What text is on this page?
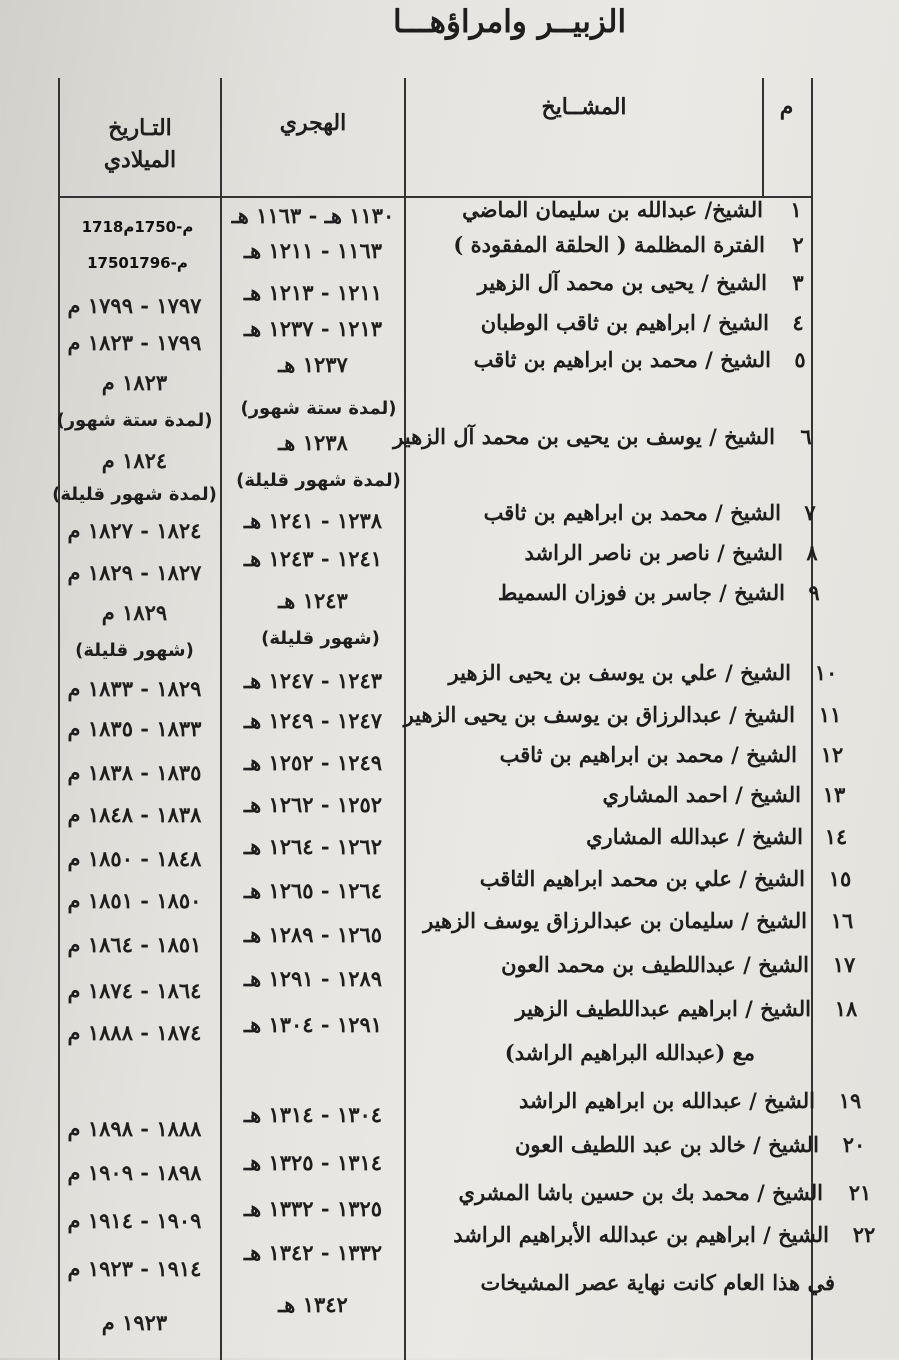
الزبيــر وامراؤهـــا
م
المشــايخ
الهجري
التـاريخ
الميلادي
1718م-1750م
1750م-1796
١
الشيخ/ عبدالله بن سليمان الماضي
١١٣٠ هـ - ١١٦٣ هـ
٢
الفترة المظلمة ( الحلقة المفقودة )
١١٦٣ - ١٢١١ هـ
٣
الشيخ / يحيى بن محمد آل الزهير
١٢١١ - ١٢١٣ هـ
١٧٩٧ - ١٧٩٩ م
٤
الشيخ / ابراهيم بن ثاقب الوطبان
١٢١٣ - ١٢٣٧ هـ
١٧٩٩ - ١٨٢٣ م
٥
الشيخ / محمد بن ابراهيم بن ثاقب
١٢٣٧ هـ
١٨٢٣ م
(لمدة ستة شهور)
(لمدة ستة شهور)
٦
الشيخ / يوسف بن يحيى بن محمد آل الزهير
١٢٣٨ هـ
١٨٢٤ م
(لمدة شهور قليلة)
(لمدة شهور قليلة)
٧
الشيخ / محمد بن ابراهيم بن ثاقب
١٢٣٨ - ١٢٤١ هـ
١٨٢٤ - ١٨٢٧ م
٨
الشيخ / ناصر بن ناصر الراشد
١٢٤١ - ١٢٤٣ هـ
١٨٢٧ - ١٨٢٩ م
٩
الشيخ / جاسر بن فوزان السميط
١٢٤٣ هـ
١٨٢٩ م
(شهور قليلة)
(شهور قليلة)
١٠
الشيخ / علي بن يوسف بن يحيى الزهير
١٢٤٣ - ١٢٤٧ هـ
١٨٢٩ - ١٨٣٣ م
١١
الشيخ / عبدالرزاق بن يوسف بن يحيى الزهير
١٢٤٧ - ١٢٤٩ هـ
١٨٣٣ - ١٨٣٥ م
١٢
الشيخ / محمد بن ابراهيم بن ثاقب
١٢٤٩ - ١٢٥٢ هـ
١٨٣٥ - ١٨٣٨ م
١٣
الشيخ / احمد المشاري
١٢٥٢ - ١٢٦٢ هـ
١٨٣٨ - ١٨٤٨ م
١٤
الشيخ / عبدالله المشاري
١٢٦٢ - ١٢٦٤ هـ
١٨٤٨ - ١٨٥٠ م
١٥
الشيخ / علي بن محمد ابراهيم الثاقب
١٢٦٤ - ١٢٦٥ هـ
١٨٥٠ - ١٨٥١ م
١٦
الشيخ / سليمان بن عبدالرزاق يوسف الزهير
١٢٦٥ - ١٢٨٩ هـ
١٨٥١ - ١٨٦٤ م
١٧
الشيخ / عبداللطيف بن محمد العون
١٢٨٩ - ١٢٩١ هـ
١٨٦٤ - ١٨٧٤ م
١٨
الشيخ / ابراهيم عبداللطيف الزهير
١٢٩١ - ١٣٠٤ هـ
١٨٧٤ - ١٨٨٨ م
مع (عبدالله البراهيم الراشد)
١٩
الشيخ / عبدالله بن ابراهيم الراشد
١٣٠٤ - ١٣١٤ هـ
١٨٨٨ - ١٨٩٨ م
٢٠
الشيخ / خالد بن عبد اللطيف العون
١٣١٤ - ١٣٢٥ هـ
١٨٩٨ - ١٩٠٩ م
٢١
الشيخ / محمد بك بن حسين باشا المشري
١٣٢٥ - ١٣٣٢ هـ
١٩٠٩ - ١٩١٤ م
٢٢
الشيخ / ابراهيم بن عبدالله الأبراهيم الراشد
١٣٣٢ - ١٣٤٢ هـ
١٩١٤ - ١٩٢٣ م
في هذا العام كانت نهاية عصر المشيخات
١٣٤٢ هـ
١٩٢٣ م
